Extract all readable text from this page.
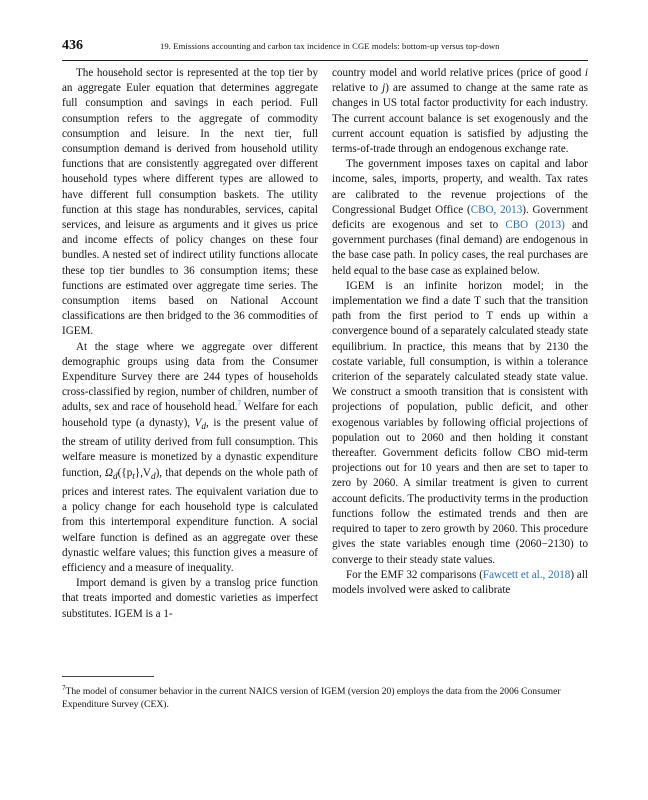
436	19. Emissions accounting and carbon tax incidence in CGE models: bottom-up versus top-down

The household sector is represented at the top tier by an aggregate Euler equation that determines aggregate full consumption and savings in each period. Full consumption refers to the aggregate of commodity consumption and leisure. In the next tier, full consumption demand is derived from household utility functions that are consistently aggregated over different household types where different types are allowed to have different full consumption baskets. The utility function at this stage has nondurables, services, capital services, and leisure as arguments and it gives us price and income effects of policy changes on these four bundles. A nested set of indirect utility functions allocate these top tier bundles to 36 consumption items; these functions are estimated over aggregate time series. The consumption items based on National Account classifications are then bridged to the 36 commodities of IGEM.

At the stage where we aggregate over different demographic groups using data from the Consumer Expenditure Survey there are 244 types of households cross-classified by region, number of children, number of adults, sex and race of household head.$^7$ Welfare for each household type (a dynasty), $V_d$, is the present value of the stream of utility derived from full consumption. This welfare measure is monetized by a dynastic expenditure function, $\Omega_d(\{p_t\},V_d)$, that depends on the whole path of prices and interest rates. The equivalent variation due to a policy change for each household type is calculated from this intertemporal expenditure function. A social welfare function is defined as an aggregate over these dynastic welfare values; this function gives a measure of efficiency and a measure of inequality.

Import demand is given by a translog price function that treats imported and domestic varieties as imperfect substitutes. IGEM is a 1-

country model and world relative prices (price of good i relative to j) are assumed to change at the same rate as changes in US total factor productivity for each industry. The current account balance is set exogenously and the current account equation is satisfied by adjusting the terms-of-trade through an endogenous exchange rate.

The government imposes taxes on capital and labor income, sales, imports, property, and wealth. Tax rates are calibrated to the revenue projections of the Congressional Budget Office (CBO, 2013). Government deficits are exogenous and set to CBO (2013) and government purchases (final demand) are endogenous in the base case path. In policy cases, the real purchases are held equal to the base case as explained below.

IGEM is an infinite horizon model; in the implementation we find a date T such that the transition path from the first period to T ends up within a convergence bound of a separately calculated steady state equilibrium. In practice, this means that by 2130 the costate variable, full consumption, is within a tolerance criterion of the separately calculated steady state value. We construct a smooth transition that is consistent with projections of population, public deficit, and other exogenous variables by following official projections of population out to 2060 and then holding it constant thereafter. Government deficits follow CBO mid-term projections out for 10 years and then are set to taper to zero by 2060. A similar treatment is given to current account deficits. The productivity terms in the production functions follow the estimated trends and then are required to taper to zero growth by 2060. This procedure gives the state variables enough time (2060−2130) to converge to their steady state values.

For the EMF 32 comparisons (Fawcett et al., 2018) all models involved were asked to calibrate

$^7$The model of consumer behavior in the current NAICS version of IGEM (version 20) employs the data from the 2006 Consumer Expenditure Survey (CEX).
